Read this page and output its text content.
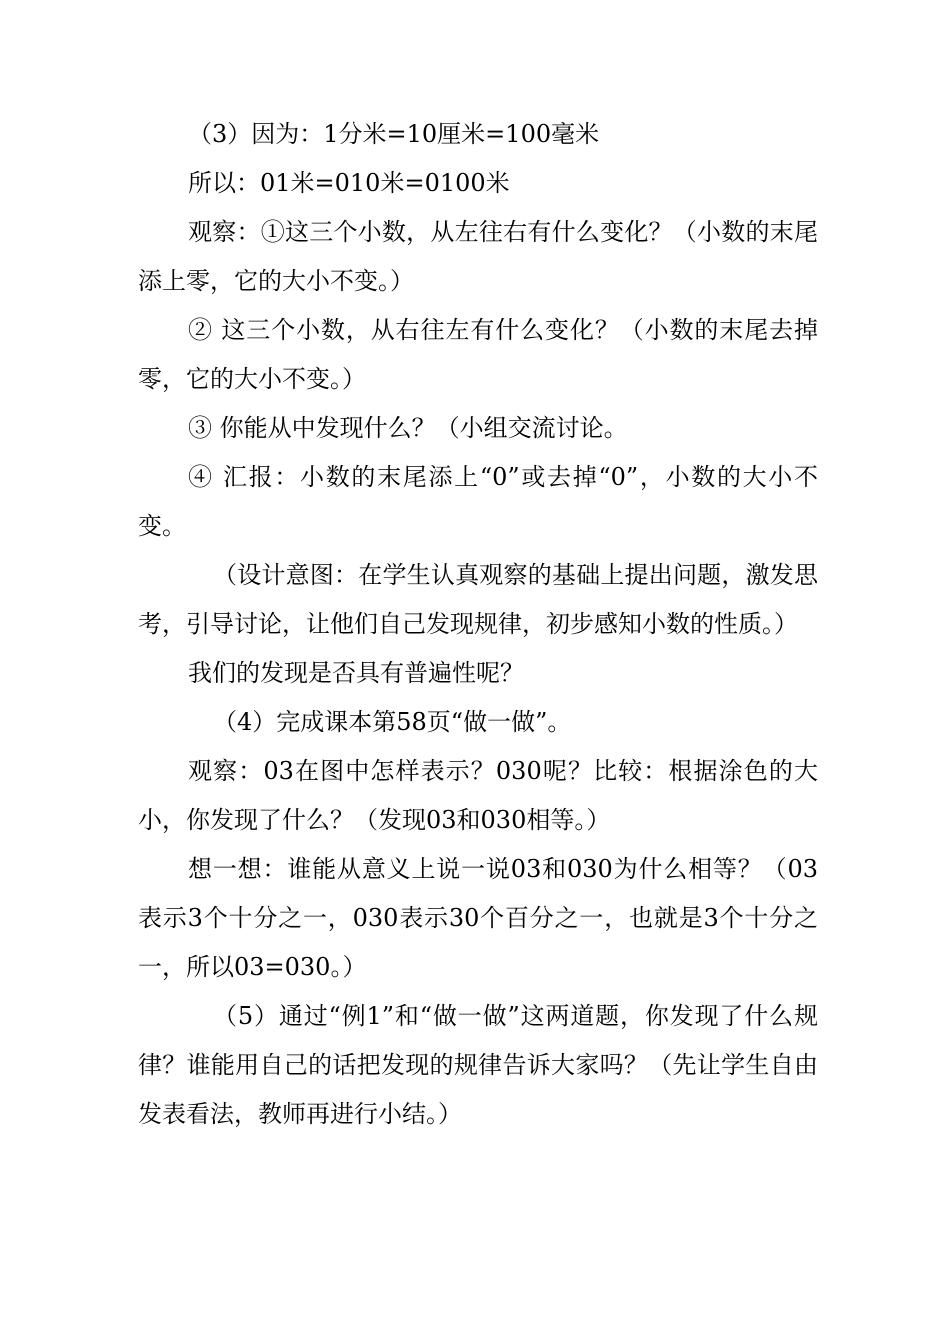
（3）因为：1分米=10厘米=100毫米

所以：01米=010米=0100米

观察：①这三个小数，从左往右有什么变化？（小数的末尾添上零，它的大小不变。）

② 这三个小数，从右往左有什么变化？（小数的末尾去掉零，它的大小不变。）

③ 你能从中发现什么？（小组交流讨论。

④ 汇报：小数的末尾添上“0”或去掉“0”，小数的大小不变。

（设计意图：在学生认真观察的基础上提出问题，激发思考，引导讨论，让他们自己发现规律，初步感知小数的性质。）

我们的发现是否具有普遍性呢？

（4）完成课本第58页“做一做”。

观察：03在图中怎样表示？030呢？比较：根据涂色的大小，你发现了什么？（发现03和030相等。）

想一想：谁能从意义上说一说03和030为什么相等？（03表示3个十分之一，030表示30个百分之一，也就是3个十分之一，所以03=030。）

（5）通过“例1”和“做一做”这两道题，你发现了什么规律？谁能用自己的话把发现的规律告诉大家吗？（先让学生自由发表看法，教师再进行小结。）
